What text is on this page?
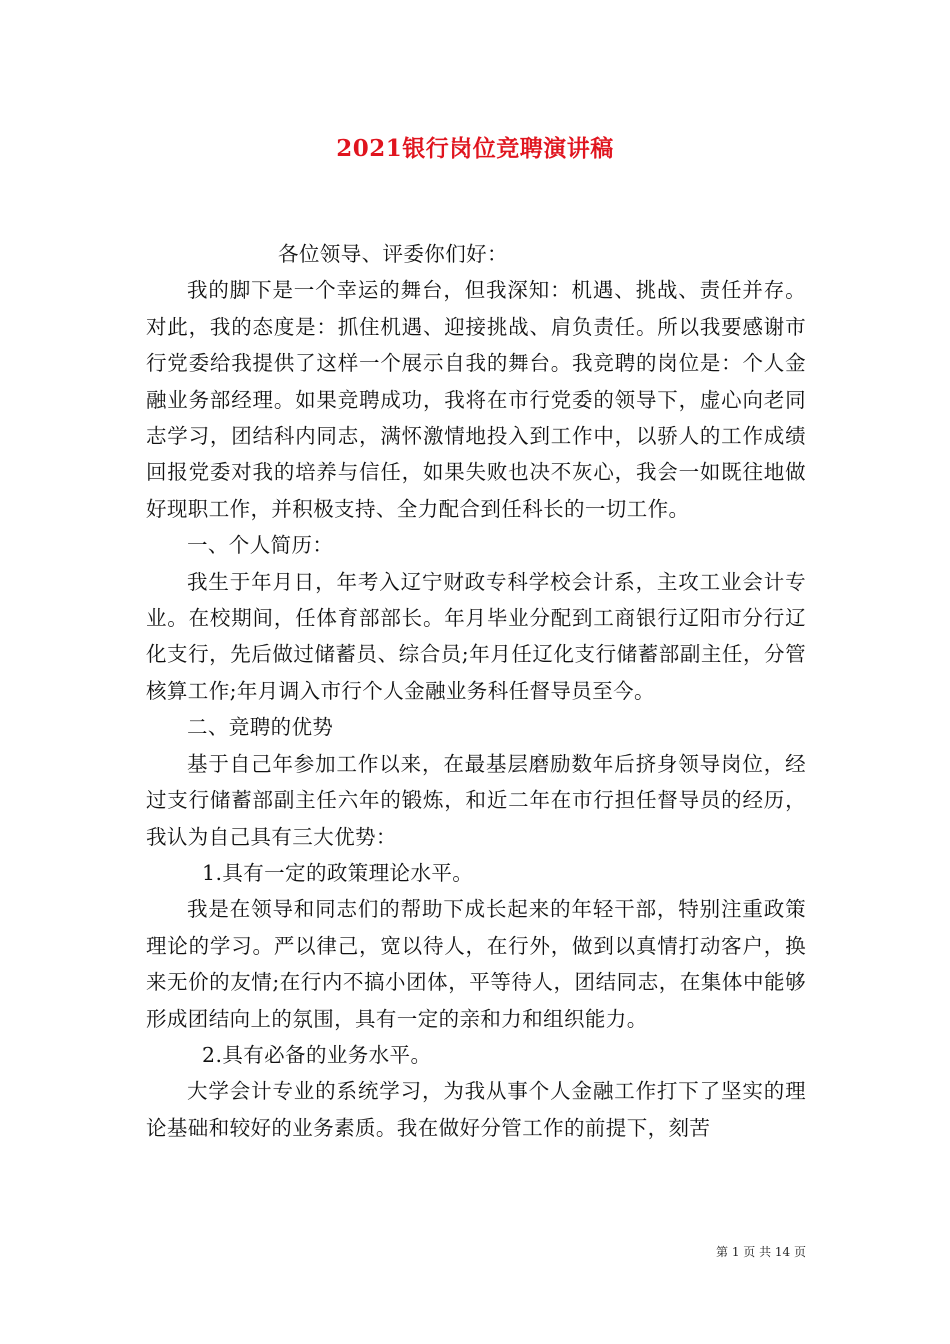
2021银行岗位竞聘演讲稿

各位领导、评委你们好：

我的脚下是一个幸运的舞台，但我深知：机遇、挑战、责任并存。对此，我的态度是：抓住机遇、迎接挑战、肩负责任。所以我要感谢市行党委给我提供了这样一个展示自我的舞台。我竞聘的岗位是：个人金融业务部经理。如果竞聘成功，我将在市行党委的领导下，虚心向老同志学习，团结科内同志，满怀激情地投入到工作中，以骄人的工作成绩回报党委对我的培养与信任，如果失败也决不灰心，我会一如既往地做好现职工作，并积极支持、全力配合到任科长的一切工作。

一、个人简历：

我生于年月日，年考入辽宁财政专科学校会计系，主攻工业会计专业。在校期间，任体育部部长。年月毕业分配到工商银行辽阳市分行辽化支行，先后做过储蓄员、综合员;年月任辽化支行储蓄部副主任，分管核算工作;年月调入市行个人金融业务科任督导员至今。

二、竞聘的优势

基于自己年参加工作以来，在最基层磨励数年后挤身领导岗位，经过支行储蓄部副主任六年的锻炼，和近二年在市行担任督导员的经历，我认为自己具有三大优势：

1.具有一定的政策理论水平。

我是在领导和同志们的帮助下成长起来的年轻干部，特别注重政策理论的学习。严以律己，宽以待人，在行外，做到以真情打动客户，换来无价的友情;在行内不搞小团体，平等待人，团结同志，在集体中能够形成团结向上的氛围，具有一定的亲和力和组织能力。

2.具有必备的业务水平。

大学会计专业的系统学习，为我从事个人金融工作打下了坚实的理论基础和较好的业务素质。我在做好分管工作的前提下，刻苦

第 1 页 共 14 页
